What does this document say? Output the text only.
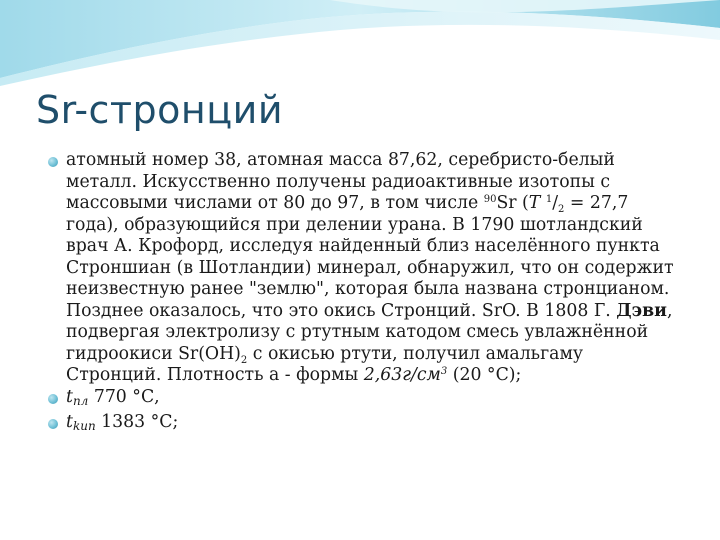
Sr-стронций

атомный номер 38, атомная масса 87,62, серебристо-белый металл. Искусственно получены радиоактивные изотопы с массовыми числами от 80 до 97, в том числе $^{90}$Sr (T $^1/_2 = 27,7$ года), образующийся при делении урана. В 1790 шотландский врач А. Крофорд, исследуя найденный близ населённого пункта Строншиан (в Шотландии) минерал, обнаружил, что он содержит неизвестную ранее "землю", которая была названа стронцианом. Позднее оказалось, что это окись Стронций. SrO. В 1808 Г. Дэви, подвергая электролизу с ртутным катодом смесь увлажнённой гидроокиси $Sr(OH)_2$ с окисью ртути, получил амальгаму Стронций. Плотность a - формы $2,63г/см^3$ (20 °С);

tпл 770 °С,

tkun 1383 °С;
